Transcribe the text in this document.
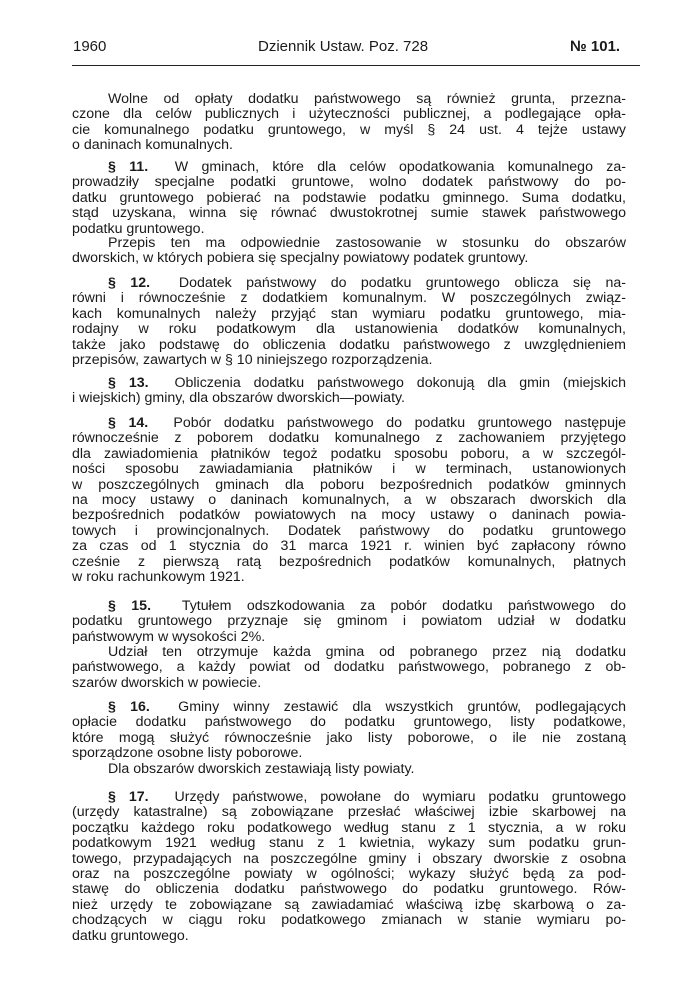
1960	Dziennik Ustaw. Poz. 728	№ 101.
Wolne od opłaty dodatku państwowego są również grunta, przezna-
czone dla celów publicznych i użyteczności publicznej, a podlegające opła-
cie komunalnego podatku gruntowego, w myśl § 24 ust. 4 tejże ustawy
o daninach komunalnych.
§ 11. W gminach, które dla celów opodatkowania komunalnego za-
prowadziły specjalne podatki gruntowe, wolno dodatek państwowy do po-
datku gruntowego pobierać na podstawie podatku gminnego. Suma dodatku,
stąd uzyskana, winna się równać dwustokrotnej sumie stawek państwowego
podatku gruntowego.
Przepis ten ma odpowiednie zastosowanie w stosunku do obszarów
dworskich, w których pobiera się specjalny powiatowy podatek gruntowy.
§ 12. Dodatek państwowy do podatku gruntowego oblicza się na-
równi i równocześnie z dodatkiem komunalnym. W poszczególnych związ-
kach komunalnych należy przyjąć stan wymiaru podatku gruntowego, mia-
rodajny w roku podatkowym dla ustanowienia dodatków komunalnych,
także jako podstawę do obliczenia dodatku państwowego z uwzględnieniem
przepisów, zawartych w § 10 niniejszego rozporządzenia.
§ 13. Obliczenia dodatku państwowego dokonują dla gmin (miejskich
i wiejskich) gminy, dla obszarów dworskich—powiaty.
§ 14. Pobór dodatku państwowego do podatku gruntowego następuje
równocześnie z poborem dodatku komunalnego z zachowaniem przyjętego
dla zawiadomienia płatników tegoż podatku sposobu poboru, a w szczegól-
ności sposobu zawiadamiania płatników i w terminach, ustanowionych
w poszczególnych gminach dla poboru bezpośrednich podatków gminnych
na mocy ustawy o daninach komunalnych, a w obszarach dworskich dla
bezpośrednich podatków powiatowych na mocy ustawy o daninach powia-
towych i prowincjonalnych. Dodatek państwowy do podatku gruntowego
za czas od 1 stycznia do 31 marca 1921 r. winien być zapłacony równo
cześnie z pierwszą ratą bezpośrednich podatków komunalnych, płatnych
w roku rachunkowym 1921.
§ 15. Tytułem odszkodowania za pobór dodatku państwowego do
podatku gruntowego przyznaje się gminom i powiatom udział w dodatku
państwowym w wysokości 2%.
Udział ten otrzymuje każda gmina od pobranego przez nią dodatku
państwowego, a każdy powiat od dodatku państwowego, pobranego z ob-
szarów dworskich w powiecie.
§ 16. Gminy winny zestawić dla wszystkich gruntów, podlegających
opłacie dodatku państwowego do podatku gruntowego, listy podatkowe,
które mogą służyć równocześnie jako listy poborowe, o ile nie zostaną
sporządzone osobne listy poborowe.
Dla obszarów dworskich zestawiają listy powiaty.
§ 17. Urzędy państwowe, powołane do wymiaru podatku gruntowego
(urzędy katastralne) są zobowiązane przesłać właściwej izbie skarbowej na
początku każdego roku podatkowego według stanu z 1 stycznia, a w roku
podatkowym 1921 według stanu z 1 kwietnia, wykazy sum podatku grun-
towego, przypadających na poszczególne gminy i obszary dworskie z osobna
oraz na poszczególne powiaty w ogólności; wykazy służyć będą za pod-
stawę do obliczenia dodatku państwowego do podatku gruntowego. Rów-
nież urzędy te zobowiązane są zawiadamiać właściwą izbę skarbową o za-
chodzących w ciągu roku podatkowego zmianach w stanie wymiaru po-
datku gruntowego.
